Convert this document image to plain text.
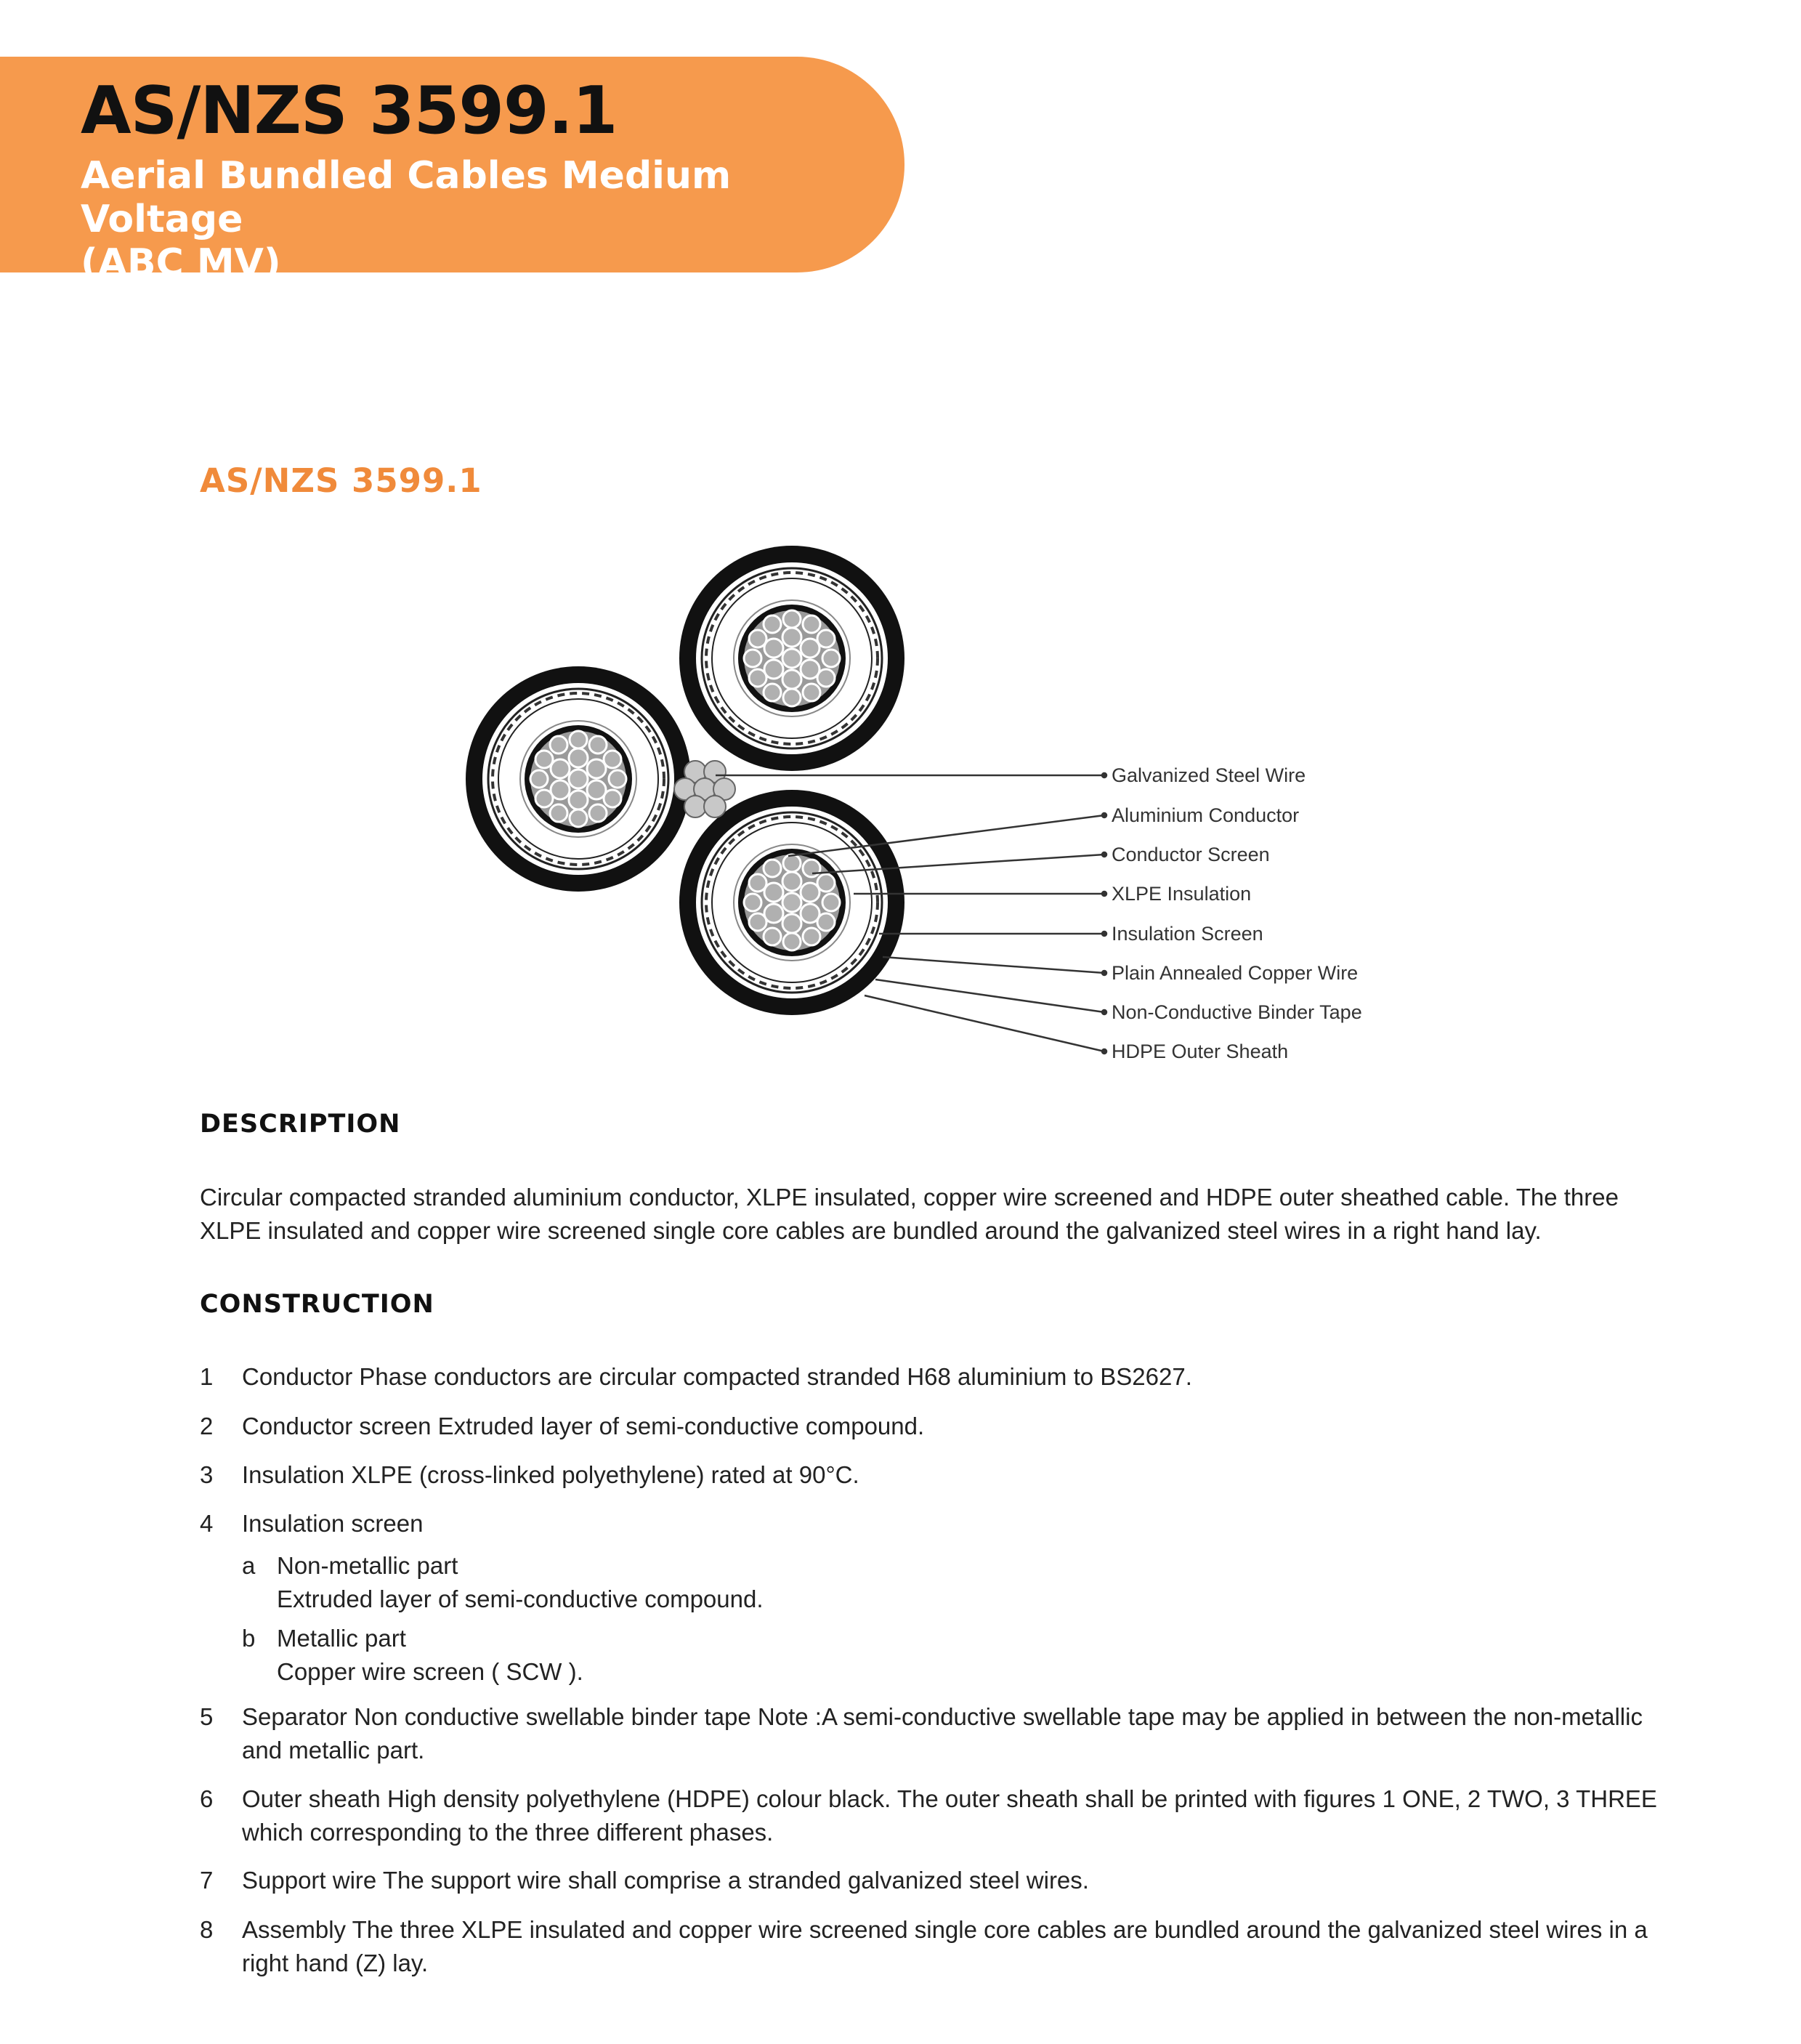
AS/NZS 3599.1
Aerial Bundled Cables Medium Voltage
(ABC MV)
AS/NZS 3599.1
Galvanized Steel Wire
Aluminium Conductor
Conductor Screen
XLPE Insulation
Insulation Screen
Plain Annealed Copper Wire
Non-Conductive Binder Tape
HDPE Outer Sheath
DESCRIPTION
Circular compacted stranded aluminium conductor, XLPE insulated, copper wire screened and HDPE outer sheathed cable. The three XLPE insulated and copper wire screened single core cables are bundled around the galvanized steel wires in a right hand lay.
CONSTRUCTION
1 Conductor Phase conductors are circular compacted stranded H68 aluminium to BS2627.
2 Conductor screen Extruded layer of semi-conductive compound.
3 Insulation XLPE (cross-linked polyethylene) rated at 90°C.
4 Insulation screen
a Non-metallic part
Extruded layer of semi-conductive compound.
b Metallic part
Copper wire screen ( SCW ).
5 Separator Non conductive swellable binder tape Note :A semi-conductive swellable tape may be applied in between the non-metallic and metallic part.
6 Outer sheath High density polyethylene (HDPE) colour black. The outer sheath shall be printed with figures 1 ONE, 2 TWO, 3 THREE which corresponding to the three different phases.
7 Support wire The support wire shall comprise a stranded galvanized steel wires.
8 Assembly The three XLPE insulated and copper wire screened single core cables are bundled around the galvanized steel wires in a right hand (Z) lay.
